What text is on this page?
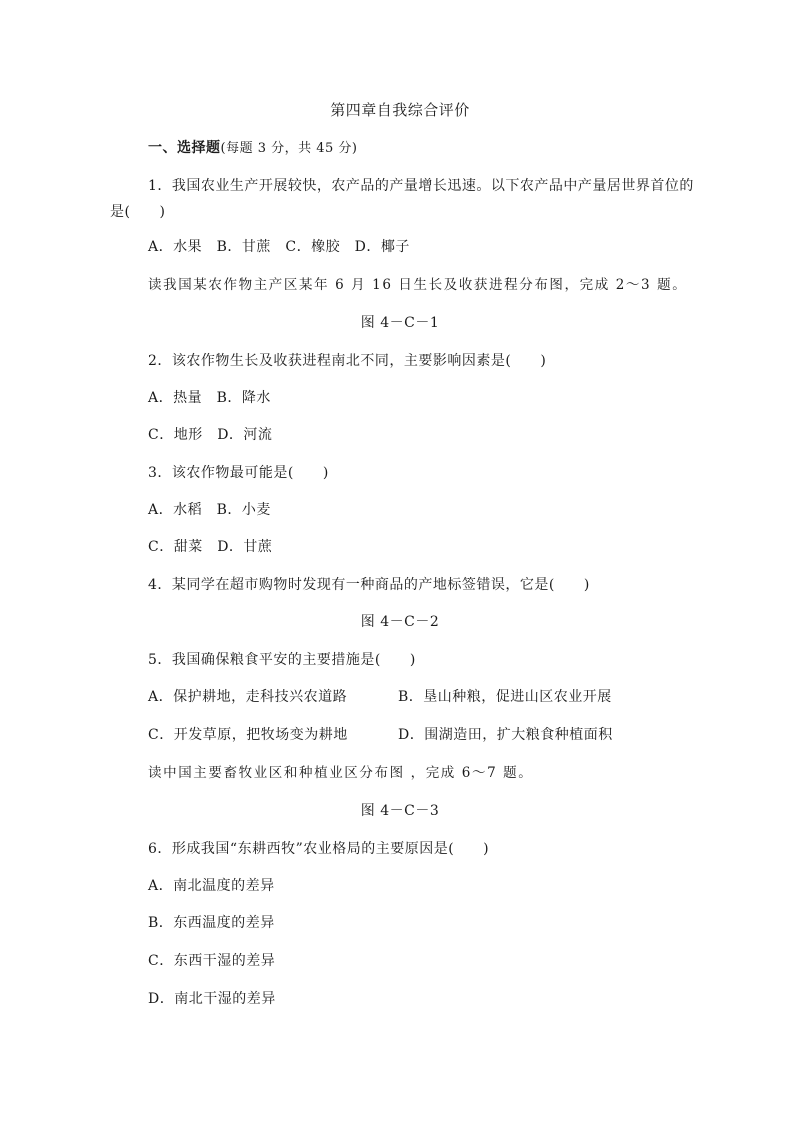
第四章自我综合评价
一、选择题(每题 3 分，共 45 分)
1．我国农业生产开展较快，农产品的产量增长迅速。以下农产品中产量居世界首位的
是(　　)
A．水果　B．甘蔗　C．橡胶　D．椰子
读我国某农作物主产区某年 6 月 16 日生长及收获进程分布图，完成 2～3 题。
图 4－C－1
2．该农作物生长及收获进程南北不同，主要影响因素是(　　)
A．热量　B．降水
C．地形　D．河流
3．该农作物最可能是(　　)
A．水稻　B．小麦
C．甜菜　D．甘蔗
4．某同学在超市购物时发现有一种商品的产地标签错误，它是(　　)
图 4－C－2
5．我国确保粮食平安的主要措施是(　　)
A．保护耕地，走科技兴农道路	B．垦山种粮，促进山区农业开展
C．开发草原，把牧场变为耕地	D．围湖造田，扩大粮食种植面积
读中国主要畜牧业区和种植业区分布图 ，完成 6～7 题。
图 4－C－3
6．形成我国“东耕西牧”农业格局的主要原因是(　　)
A．南北温度的差异
B．东西温度的差异
C．东西干湿的差异
D．南北干湿的差异
